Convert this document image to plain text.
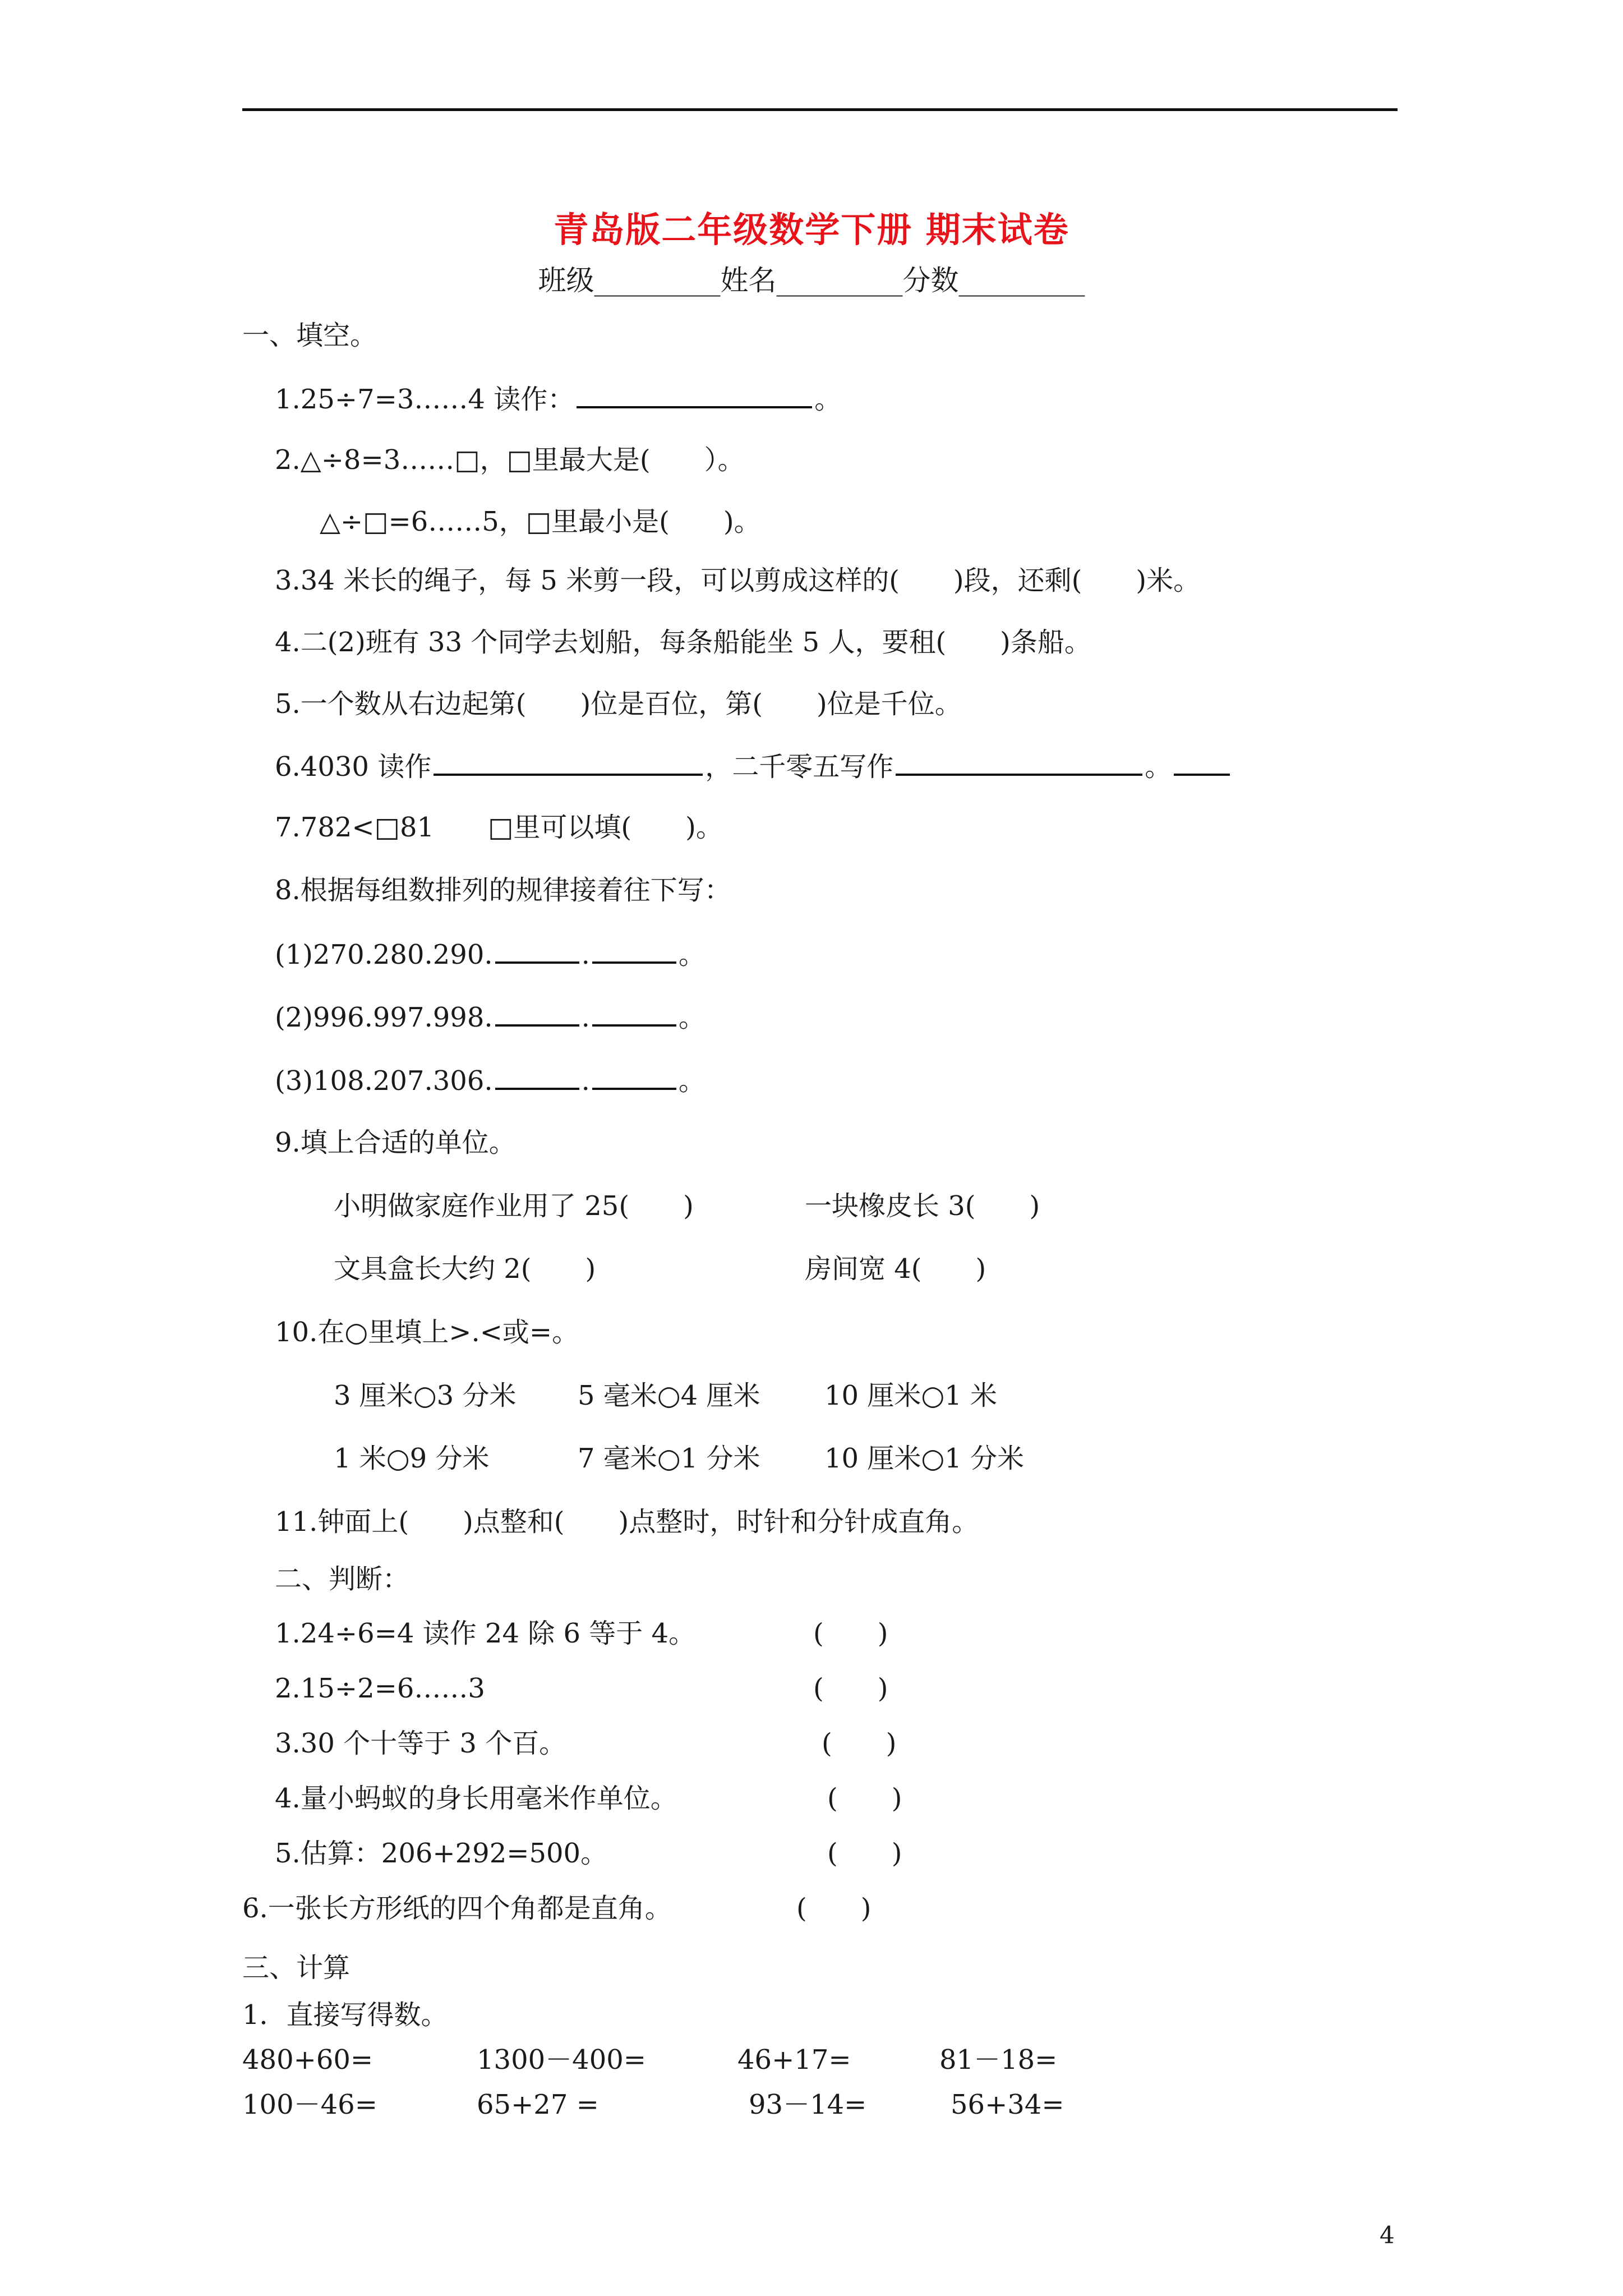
青岛版二年级数学下册 期末试卷
班级_________姓名_________分数_________
一、填空。
1.25÷7=3……4 读作：	。
2.△÷8=3……□，□里最大是(　　）。
△÷□=6……5，□里最小是(　　)。
3.34 米长的绳子，每 5 米剪一段，可以剪成这样的(　　)段，还剩(　　)米。
4.二(2)班有 33 个同学去划船，每条船能坐 5 人，要租(　　)条船。
5.一个数从右边起第(　　)位是百位，第(　　)位是千位。
6.4030 读作	，二千零五写作	。
7.782<□81　　□里可以填(　　)。
8.根据每组数排列的规律接着往下写：
(1)270.280.290.	.	。
(2)996.997.998.	.	。
(3)108.207.306.	.	。
9.填上合适的单位。
小明做家庭作业用了 25(　　)	一块橡皮长 3(　　)
文具盒长大约 2(　　)	房间宽 4(　　)
10.在○里填上>.<或=。
3 厘米○3 分米 5 毫米○4 厘米 10 厘米○1 米
1 米○9 分米	7 毫米○1 分米 10 厘米○1 分米
11.钟面上(　　)点整和(　　)点整时，时针和分针成直角。
二、判断：
1.24÷6=4 读作 24 除 6 等于 4。	(　　)
2.15÷2=6……3	(　　)
3.30 个十等于 3 个百。	(　　)
4.量小蚂蚁的身长用毫米作单位。	(　　)
5.估算：206+292=500。	(　　)
6.一张长方形纸的四个角都是直角。	(　　)
三、计算
1．直接写得数。
480+60=	1300－400=	46+17=	81－18=
100－46=	65+27 =	93－14=	56+34=
4
